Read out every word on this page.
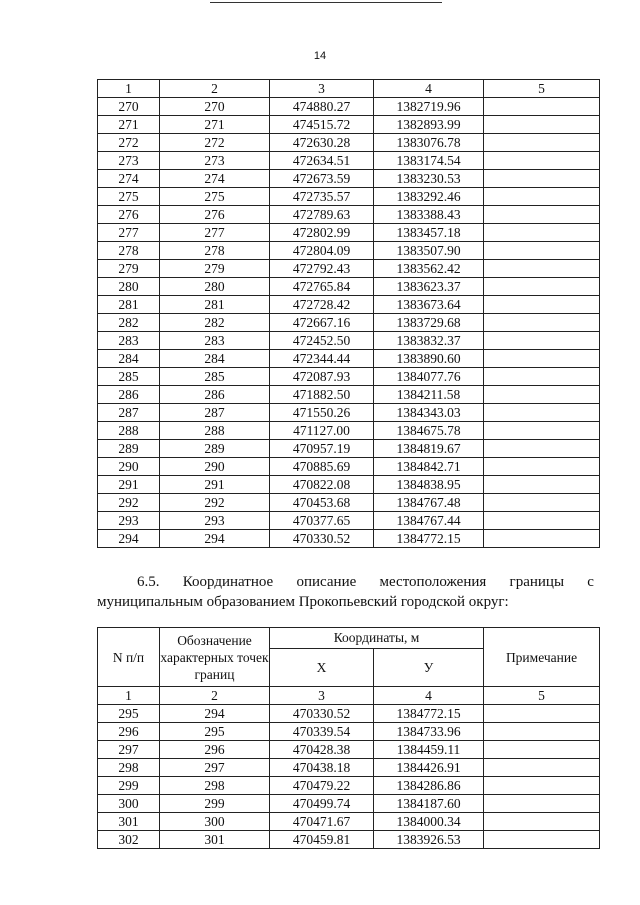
14
1	2	3	4	5
270	270	474880.27	1382719.96	
271	271	474515.72	1382893.99	
272	272	472630.28	1383076.78	
273	273	472634.51	1383174.54	
274	274	472673.59	1383230.53	
275	275	472735.57	1383292.46	
276	276	472789.63	1383388.43	
277	277	472802.99	1383457.18	
278	278	472804.09	1383507.90	
279	279	472792.43	1383562.42	
280	280	472765.84	1383623.37	
281	281	472728.42	1383673.64	
282	282	472667.16	1383729.68	
283	283	472452.50	1383832.37	
284	284	472344.44	1383890.60	
285	285	472087.93	1384077.76	
286	286	471882.50	1384211.58	
287	287	471550.26	1384343.03	
288	288	471127.00	1384675.78	
289	289	470957.19	1384819.67	
290	290	470885.69	1384842.71	
291	291	470822.08	1384838.95	
292	292	470453.68	1384767.48	
293	293	470377.65	1384767.44	
294	294	470330.52	1384772.15	
6.5. Координатное описание местоположения границы с
муниципальным образованием Прокопьевский городской округ:
N п/п	Обозначение характерных точек границ	Координаты, м		Примечание
		X	У	
1	2	3	4	5
295	294	470330.52	1384772.15	
296	295	470339.54	1384733.96	
297	296	470428.38	1384459.11	
298	297	470438.18	1384426.91	
299	298	470479.22	1384286.86	
300	299	470499.74	1384187.60	
301	300	470471.67	1384000.34	
302	301	470459.81	1383926.53	
